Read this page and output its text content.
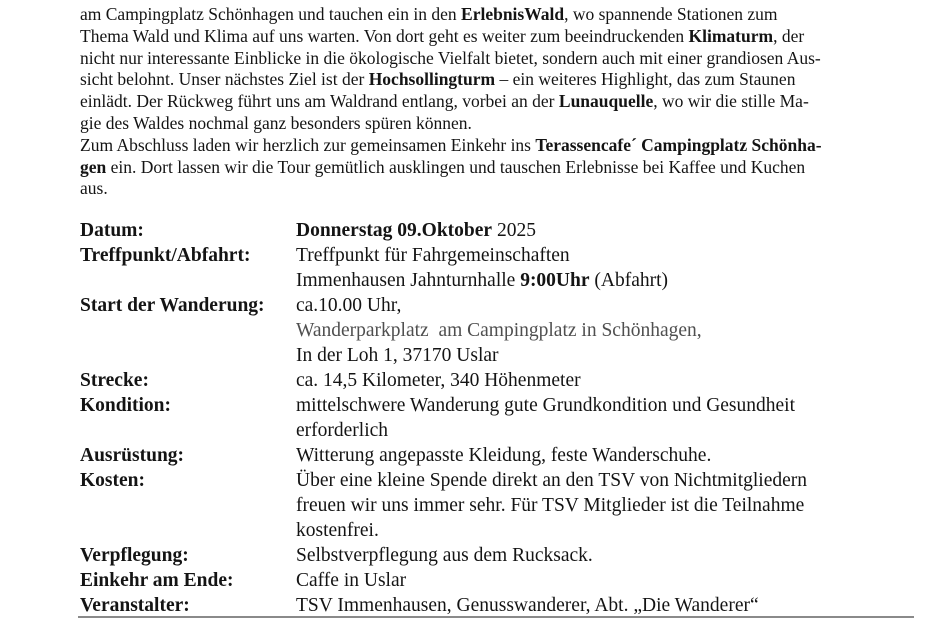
am Campingplatz Schönhagen und tauchen ein in den ErlebnisWald, wo spannende Stationen zum
Thema Wald und Klima auf uns warten. Von dort geht es weiter zum beeindruckenden Klimaturm, der
nicht nur interessante Einblicke in die ökologische Vielfalt bietet, sondern auch mit einer grandiosen Aus-
sicht belohnt. Unser nächstes Ziel ist der Hochsollingturm – ein weiteres Highlight, das zum Staunen
einlädt. Der Rückweg führt uns am Waldrand entlang, vorbei an der Lunauquelle, wo wir die stille Ma-
gie des Waldes nochmal ganz besonders spüren können.
Zum Abschluss laden wir herzlich zur gemeinsamen Einkehr ins Terassencafe´ Campingplatz Schönha-
gen ein. Dort lassen wir die Tour gemütlich ausklingen und tauschen Erlebnisse bei Kaffee und Kuchen
aus.
Datum:	Donnerstag 09.Oktober 2025
Treffpunkt/Abfahrt:	Treffpunkt für Fahrgemeinschaften
Immenhausen Jahnturnhalle 9:00Uhr (Abfahrt)
Start der Wanderung:	ca.10.00 Uhr,
Wanderparkplatz  am Campingplatz in Schönhagen,
In der Loh 1, 37170 Uslar
Strecke:	ca. 14,5 Kilometer, 340 Höhenmeter
Kondition:	mittelschwere Wanderung gute Grundkondition und Gesundheit
erforderlich
Ausrüstung:	Witterung angepasste Kleidung, feste Wanderschuhe.
Kosten:	Über eine kleine Spende direkt an den TSV von Nichtmitgliedern
freuen wir uns immer sehr. Für TSV Mitglieder ist die Teilnahme
kostenfrei.
Verpflegung:	Selbstverpflegung aus dem Rucksack.
Einkehr am Ende:	Caffe in Uslar
Veranstalter:	TSV Immenhausen, Genusswanderer, Abt. „Die Wanderer“
